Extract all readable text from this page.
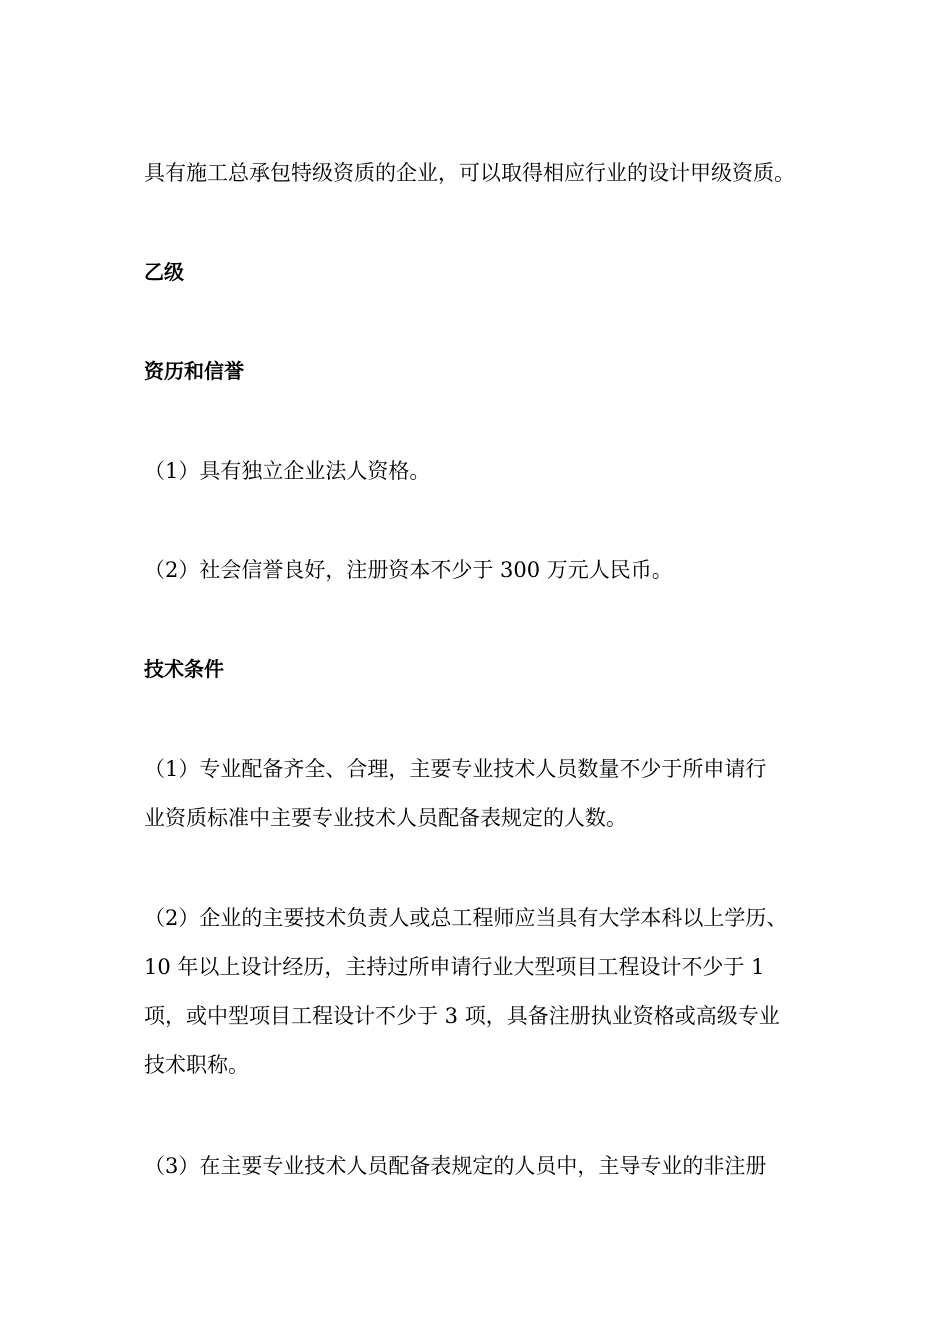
具有施工总承包特级资质的企业，可以取得相应行业的设计甲级资质。

乙级

资历和信誉

（1）具有独立企业法人资格。

（2）社会信誉良好，注册资本不少于 300 万元人民币。

技术条件

（1）专业配备齐全、合理，主要专业技术人员数量不少于所申请行
业资质标准中主要专业技术人员配备表规定的人数。
（2）企业的主要技术负责人或总工程师应当具有大学本科以上学历、
10 年以上设计经历，主持过所申请行业大型项目工程设计不少于 1
项，或中型项目工程设计不少于 3 项，具备注册执业资格或高级专业
技术职称。
（3）在主要专业技术人员配备表规定的人员中，主导专业的非注册
